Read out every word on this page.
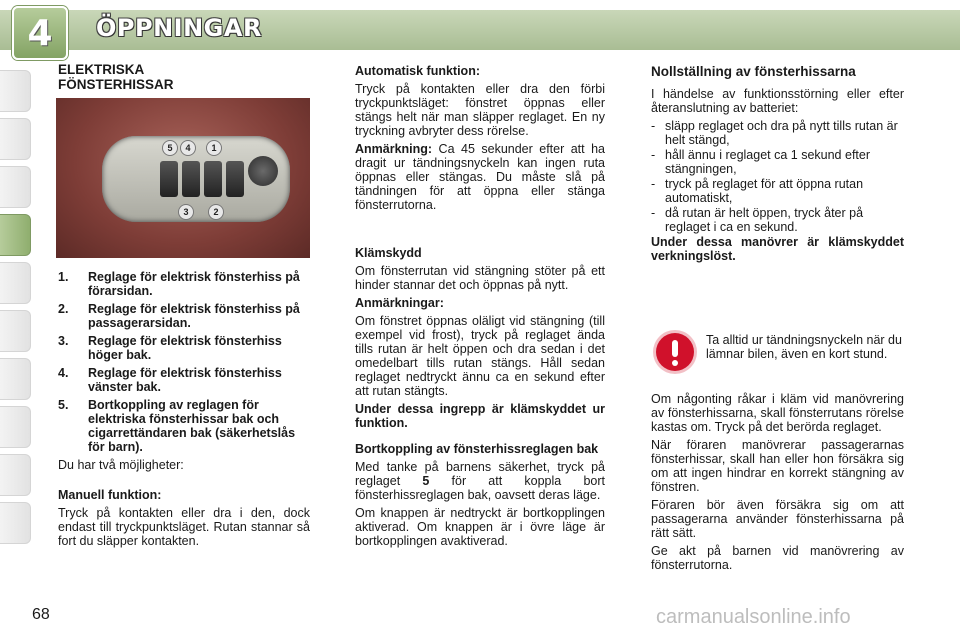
4 ÖPPNINGAR
ELEKTRISKA
FÖNSTERHISSAR
5	4	1
3	2
1.	Reglage för elektrisk fönsterhiss på förarsidan.
2.	Reglage för elektrisk fönsterhiss på passagerarsidan.
3.	Reglage för elektrisk fönsterhiss höger bak.
4.	Reglage för elektrisk fönsterhiss vänster bak.
5.	Bortkoppling av reglagen för elektriska fönsterhissar bak och cigarrettändaren bak (säkerhetslås för barn).

Du har två möjligheter:

Manuell funktion:

Tryck på kontakten eller dra i den, dock endast till tryckpunktsläget. Rutan stannar så fort du släpper kontakten.

Automatisk funktion:

Tryck på kontakten eller dra den förbi tryckpunktsläget: fönstret öppnas eller stängs helt när man släpper reglaget. En ny tryckning avbryter dess rörelse.

Anmärkning: Ca 45 sekunder efter att ha dragit ur tändningsnyckeln kan ingen ruta öppnas eller stängas. Du måste slå på tändningen för att öppna eller stänga fönsterrutorna.

Klämskydd

Om fönsterrutan vid stängning stöter på ett hinder stannar det och öppnas på nytt.

Anmärkningar:

Om fönstret öppnas oläligt vid stängning (till exempel vid frost), tryck på reglaget ända tills rutan är helt öppen och dra sedan i det omedelbart tills rutan stängs. Håll sedan reglaget nedtryckt ännu ca en sekund efter att rutan stängts.

Under dessa ingrepp är klämskyddet ur funktion.

Bortkoppling av fönsterhissreglagen bak

Med tanke på barnens säkerhet, tryck på reglaget 5 för att koppla bort fönsterhissreglagen bak, oavsett deras läge.

Om knappen är nedtryckt är bortkopplingen aktiverad. Om knappen är i övre läge är bortkopplingen avaktiverad.

Nollställning av fönsterhissarna

I händelse av funktionsstörning eller efter återanslutning av batteriet:

- släpp reglaget och dra på nytt tills rutan är helt stängd,
- håll ännu i reglaget ca 1 sekund efter stängningen,
- tryck på reglaget för att öppna rutan automatiskt,
- då rutan är helt öppen, tryck åter på reglaget i ca en sekund.

Under dessa manövrer är klämskyddet verkningslöst.

Ta alltid ur tändningsnyckeln när du lämnar bilen, även en kort stund.

Om någonting råkar i kläm vid manövrering av fönsterhissarna, skall fönsterrutans rörelse kastas om. Tryck på det berörda reglaget.

När föraren manövrerar passagerarnas fönsterhissar, skall han eller hon försäkra sig om att ingen hindrar en korrekt stängning av fönstren.

Föraren bör även försäkra sig om att passagerarna använder fönsterhissarna på rätt sätt.

Ge akt på barnen vid manövrering av fönsterrutorna.

68	carmanualsonline.info
